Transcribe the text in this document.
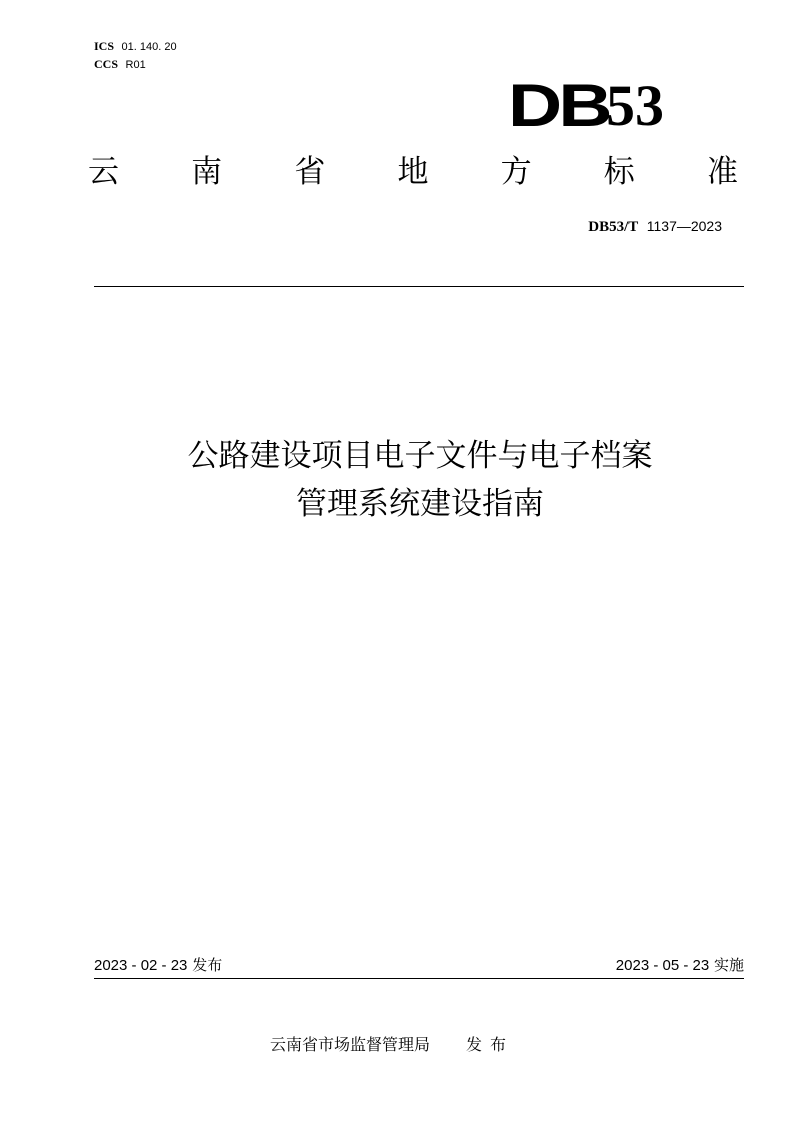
ICS 01. 140. 20
CCS R01
DB
53
云 南 省 地 方 标 准
DB53/T 1137—2023
公路建设项目电子文件与电子档案
管理系统建设指南
2023 - 02 - 23 发布	2023 - 05 - 23 实施
云南省市场监督管理局 发布
